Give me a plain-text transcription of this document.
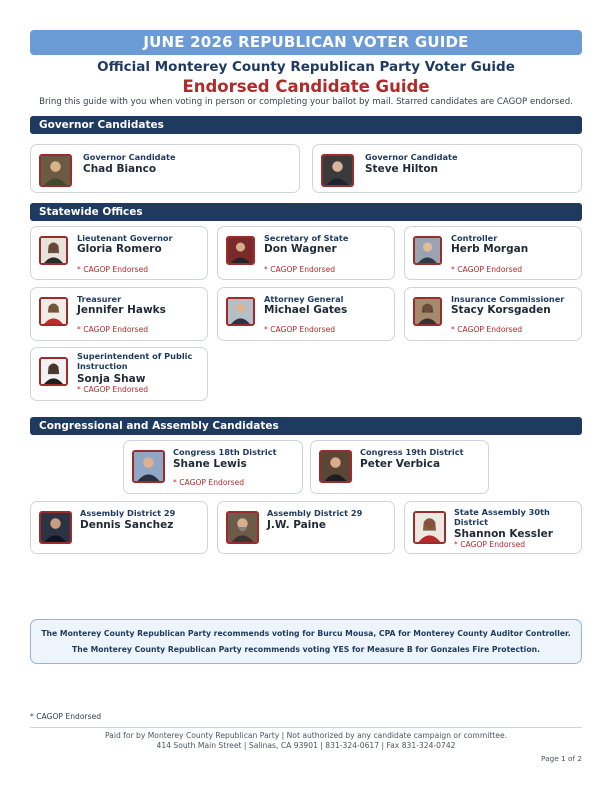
JUNE 2026 REPUBLICAN VOTER GUIDE
Official Monterey County Republican Party Voter Guide
Endorsed Candidate Guide
Bring this guide with you when voting in person or completing your ballot by mail. Starred candidates are CAGOP endorsed.
Governor Candidates
Governor Candidate
Chad Bianco
Governor Candidate
Steve Hilton
Statewide Offices
Lieutenant Governor
Gloria Romero
* CAGOP Endorsed
Secretary of State
Don Wagner
* CAGOP Endorsed
Controller
Herb Morgan
* CAGOP Endorsed
Treasurer
Jennifer Hawks
* CAGOP Endorsed
Attorney General
Michael Gates
* CAGOP Endorsed
Insurance Commissioner
Stacy Korsgaden
* CAGOP Endorsed
Superintendent of Public Instruction
Sonja Shaw
* CAGOP Endorsed
Congressional and Assembly Candidates
Congress 18th District
Shane Lewis
* CAGOP Endorsed
Congress 19th District
Peter Verbica
Assembly District 29
Dennis Sanchez
Assembly District 29
J.W. Paine
State Assembly 30th District
Shannon Kessler
* CAGOP Endorsed
The Monterey County Republican Party recommends voting for Burcu Mousa, CPA for Monterey County Auditor Controller.
The Monterey County Republican Party recommends voting YES for Measure B for Gonzales Fire Protection.
* CAGOP Endorsed
Paid for by Monterey County Republican Party | Not authorized by any candidate campaign or committee.
414 South Main Street | Salinas, CA 93901 | 831-324-0617 | Fax 831-324-0742
Page 1 of 2
